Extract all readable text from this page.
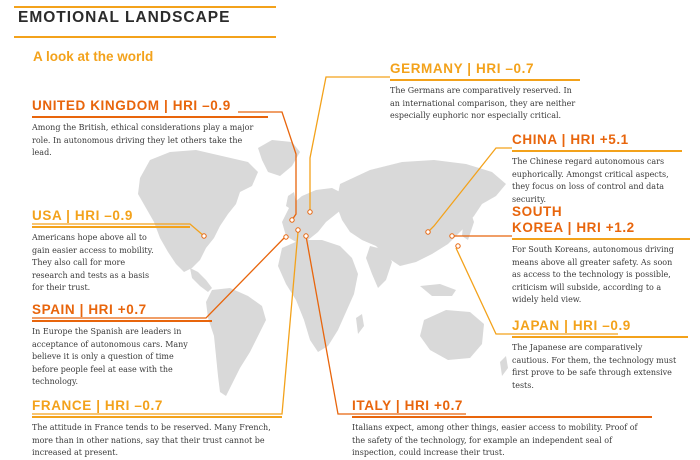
EMOTIONAL LANDSCAPE
A look at the world
UNITED KINGDOM | HRI –0.9
Among the British, ethical considerations play a major role. In autonomous driving they let others take the lead.
GERMANY | HRI –0.7
The Germans are comparatively reserved. In an international comparison, they are neither especially euphoric nor especially critical.
CHINA | HRI +5.1
The Chinese regard autonomous cars euphorically. Amongst critical aspects, they focus on loss of control and data security.
USA | HRI –0.9
Americans hope above all to gain easier access to mobility. They also call for more research and tests as a basis for their trust.
SOUTH
KOREA | HRI +1.2
For South Koreans, autonomous driving means above all greater safety. As soon as access to the technology is possible, criticism will subside, according to a widely held view.
SPAIN | HRI +0.7
In Europe the Spanish are leaders in acceptance of autonomous cars. Many believe it is only a question of time before people feel at ease with the technology.
JAPAN | HRI –0.9
The Japanese are comparatively cautious. For them, the technology must first prove to be safe through extensive tests.
FRANCE | HRI –0.7
The attitude in France tends to be reserved. Many French, more than in other nations, say that their trust cannot be increased at present.
ITALY | HRI +0.7
Italians expect, among other things, easier access to mobility. Proof of the safety of the technology, for example an independent seal of inspection, could increase their trust.
